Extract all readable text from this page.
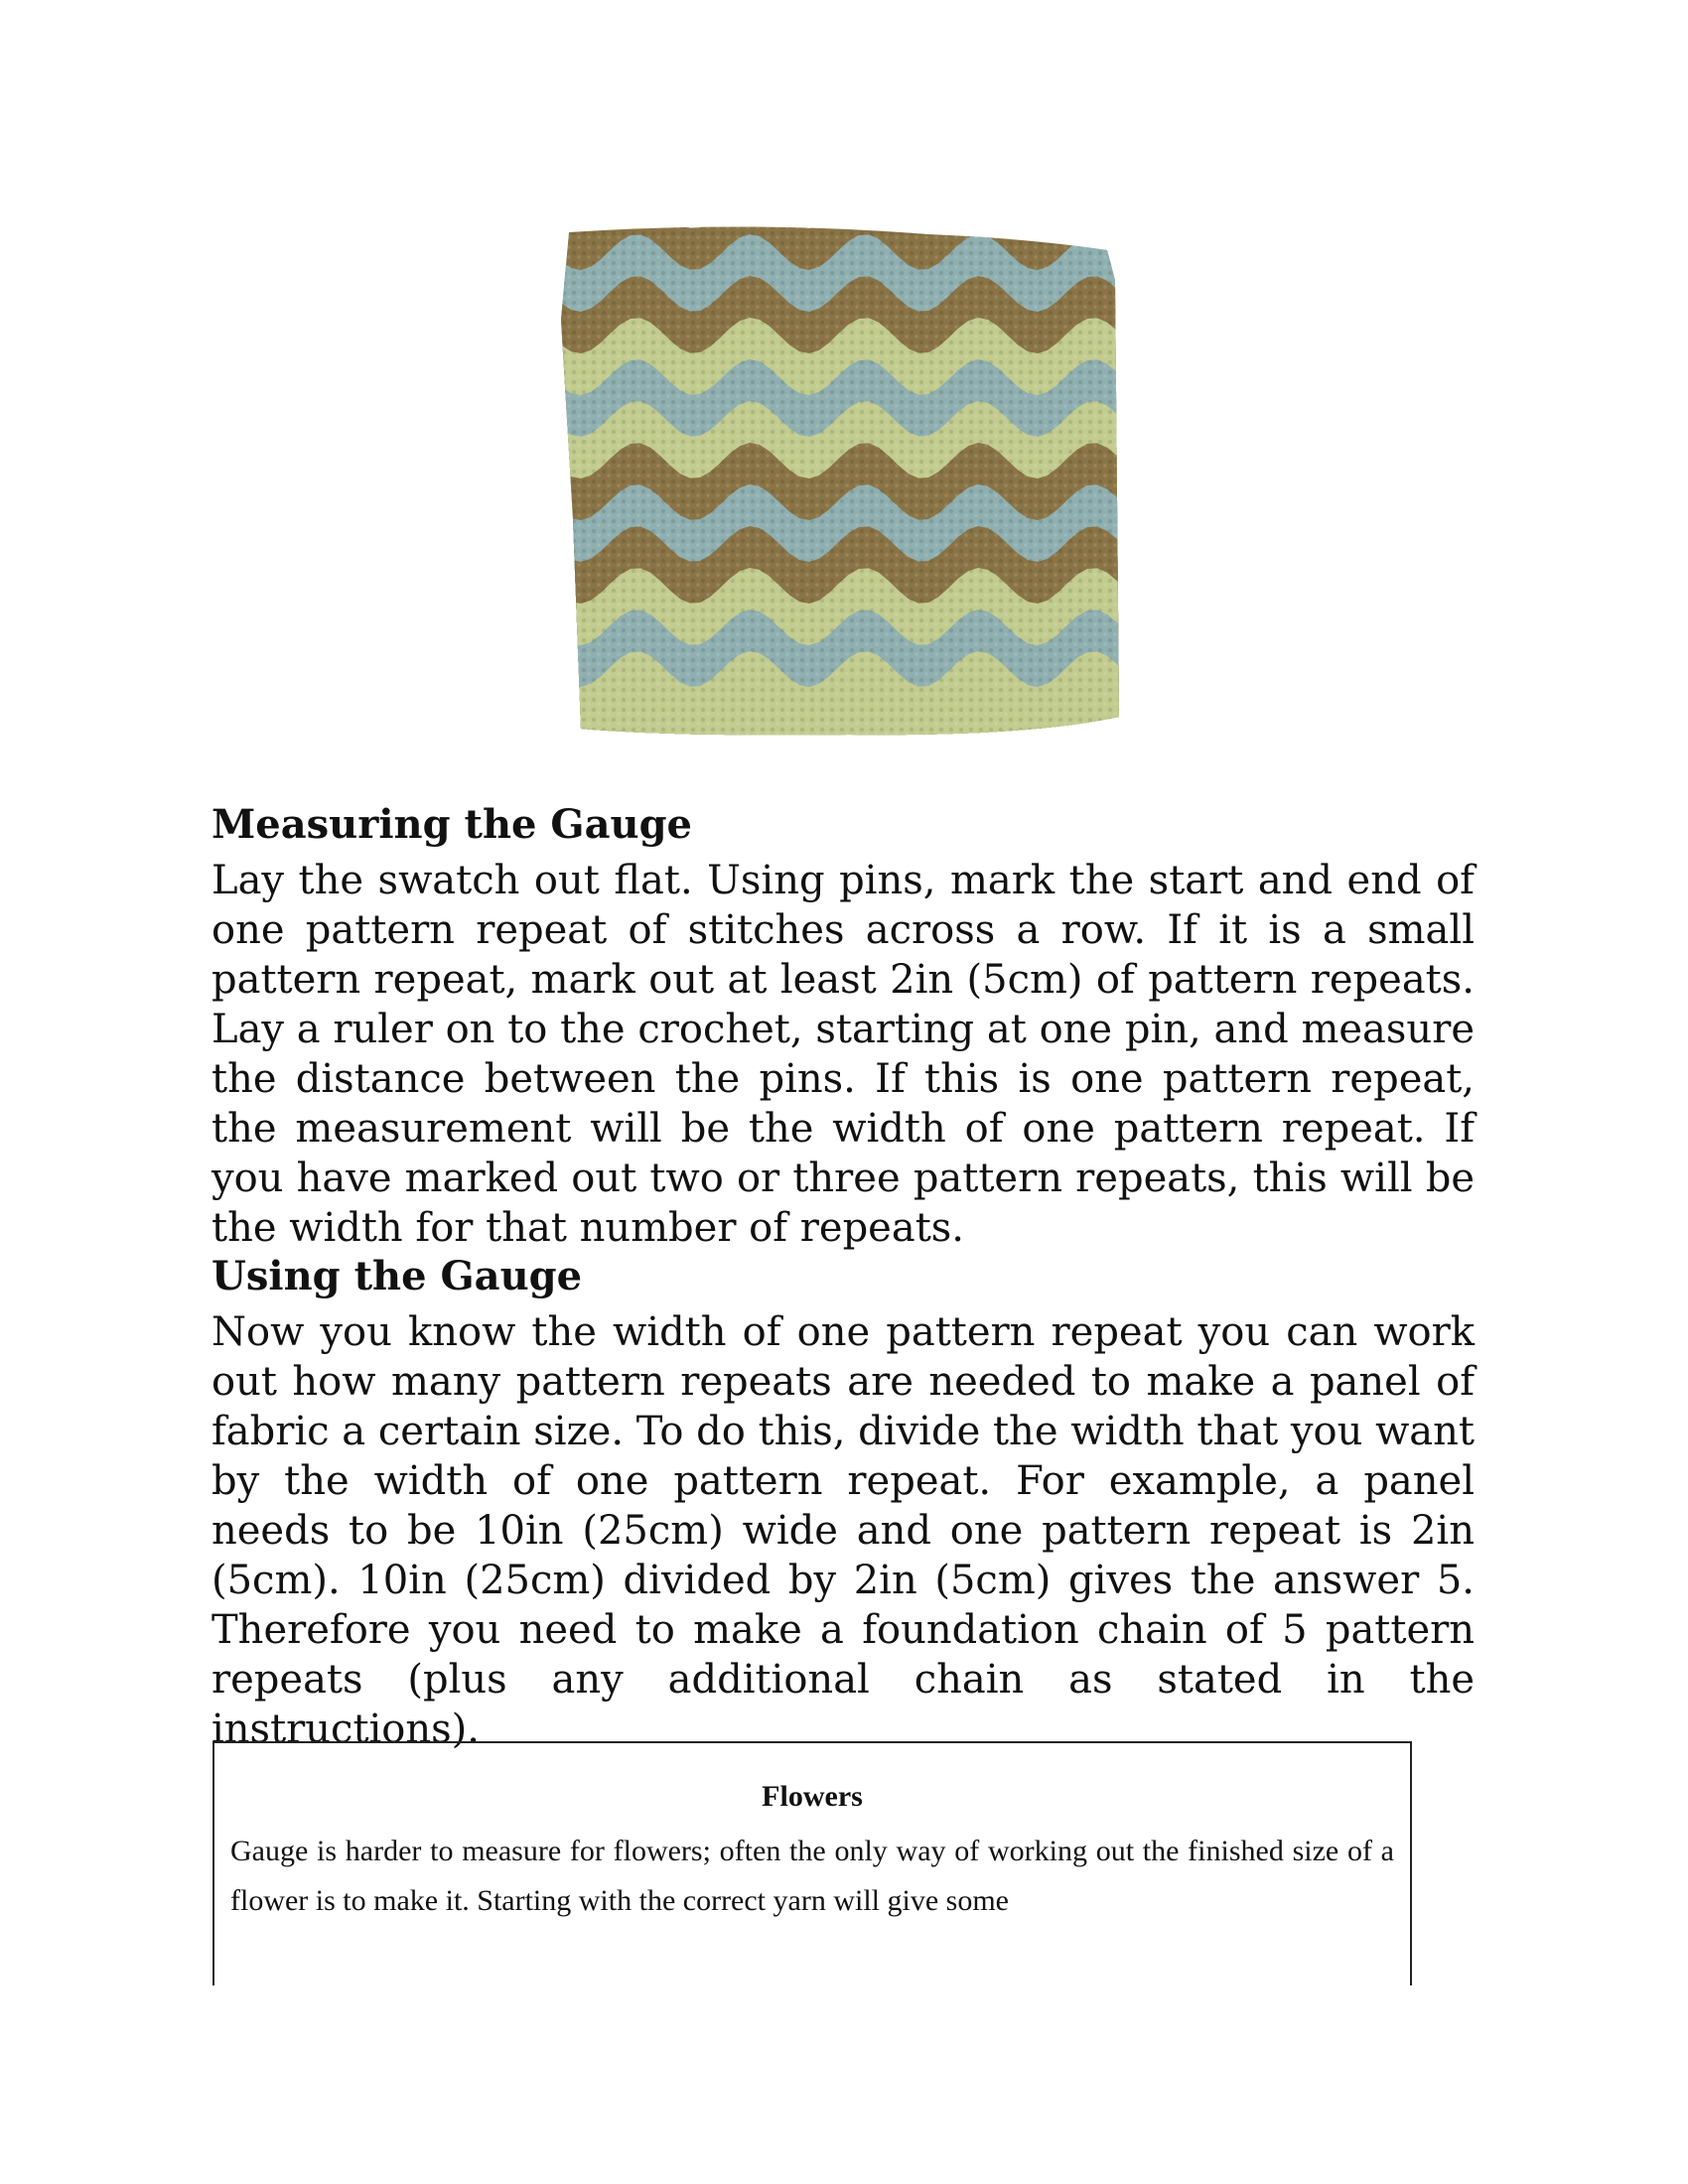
Measuring the Gauge

Lay the swatch out flat. Using pins, mark the start and end of one pattern repeat of stitches across a row. If it is a small pattern repeat, mark out at least 2in (5cm) of pattern repeats. Lay a ruler on to the crochet, starting at one pin, and measure the distance between the pins. If this is one pattern repeat, the measurement will be the width of one pattern repeat. If you have marked out two or three pattern repeats, this will be the width for that number of repeats.

Using the Gauge

Now you know the width of one pattern repeat you can work out how many pattern repeats are needed to make a panel of fabric a certain size. To do this, divide the width that you want by the width of one pattern repeat. For example, a panel needs to be 10in (25cm) wide and one pattern repeat is 2in (5cm). 10in (25cm) divided by 2in (5cm) gives the answer 5. Therefore you need to make a foundation chain of 5 pattern repeats (plus any additional chain as stated in the instructions).

Flowers
Gauge is harder to measure for flowers; often the only way of working out the finished size of a flower is to make it. Starting with the correct yarn will give some
